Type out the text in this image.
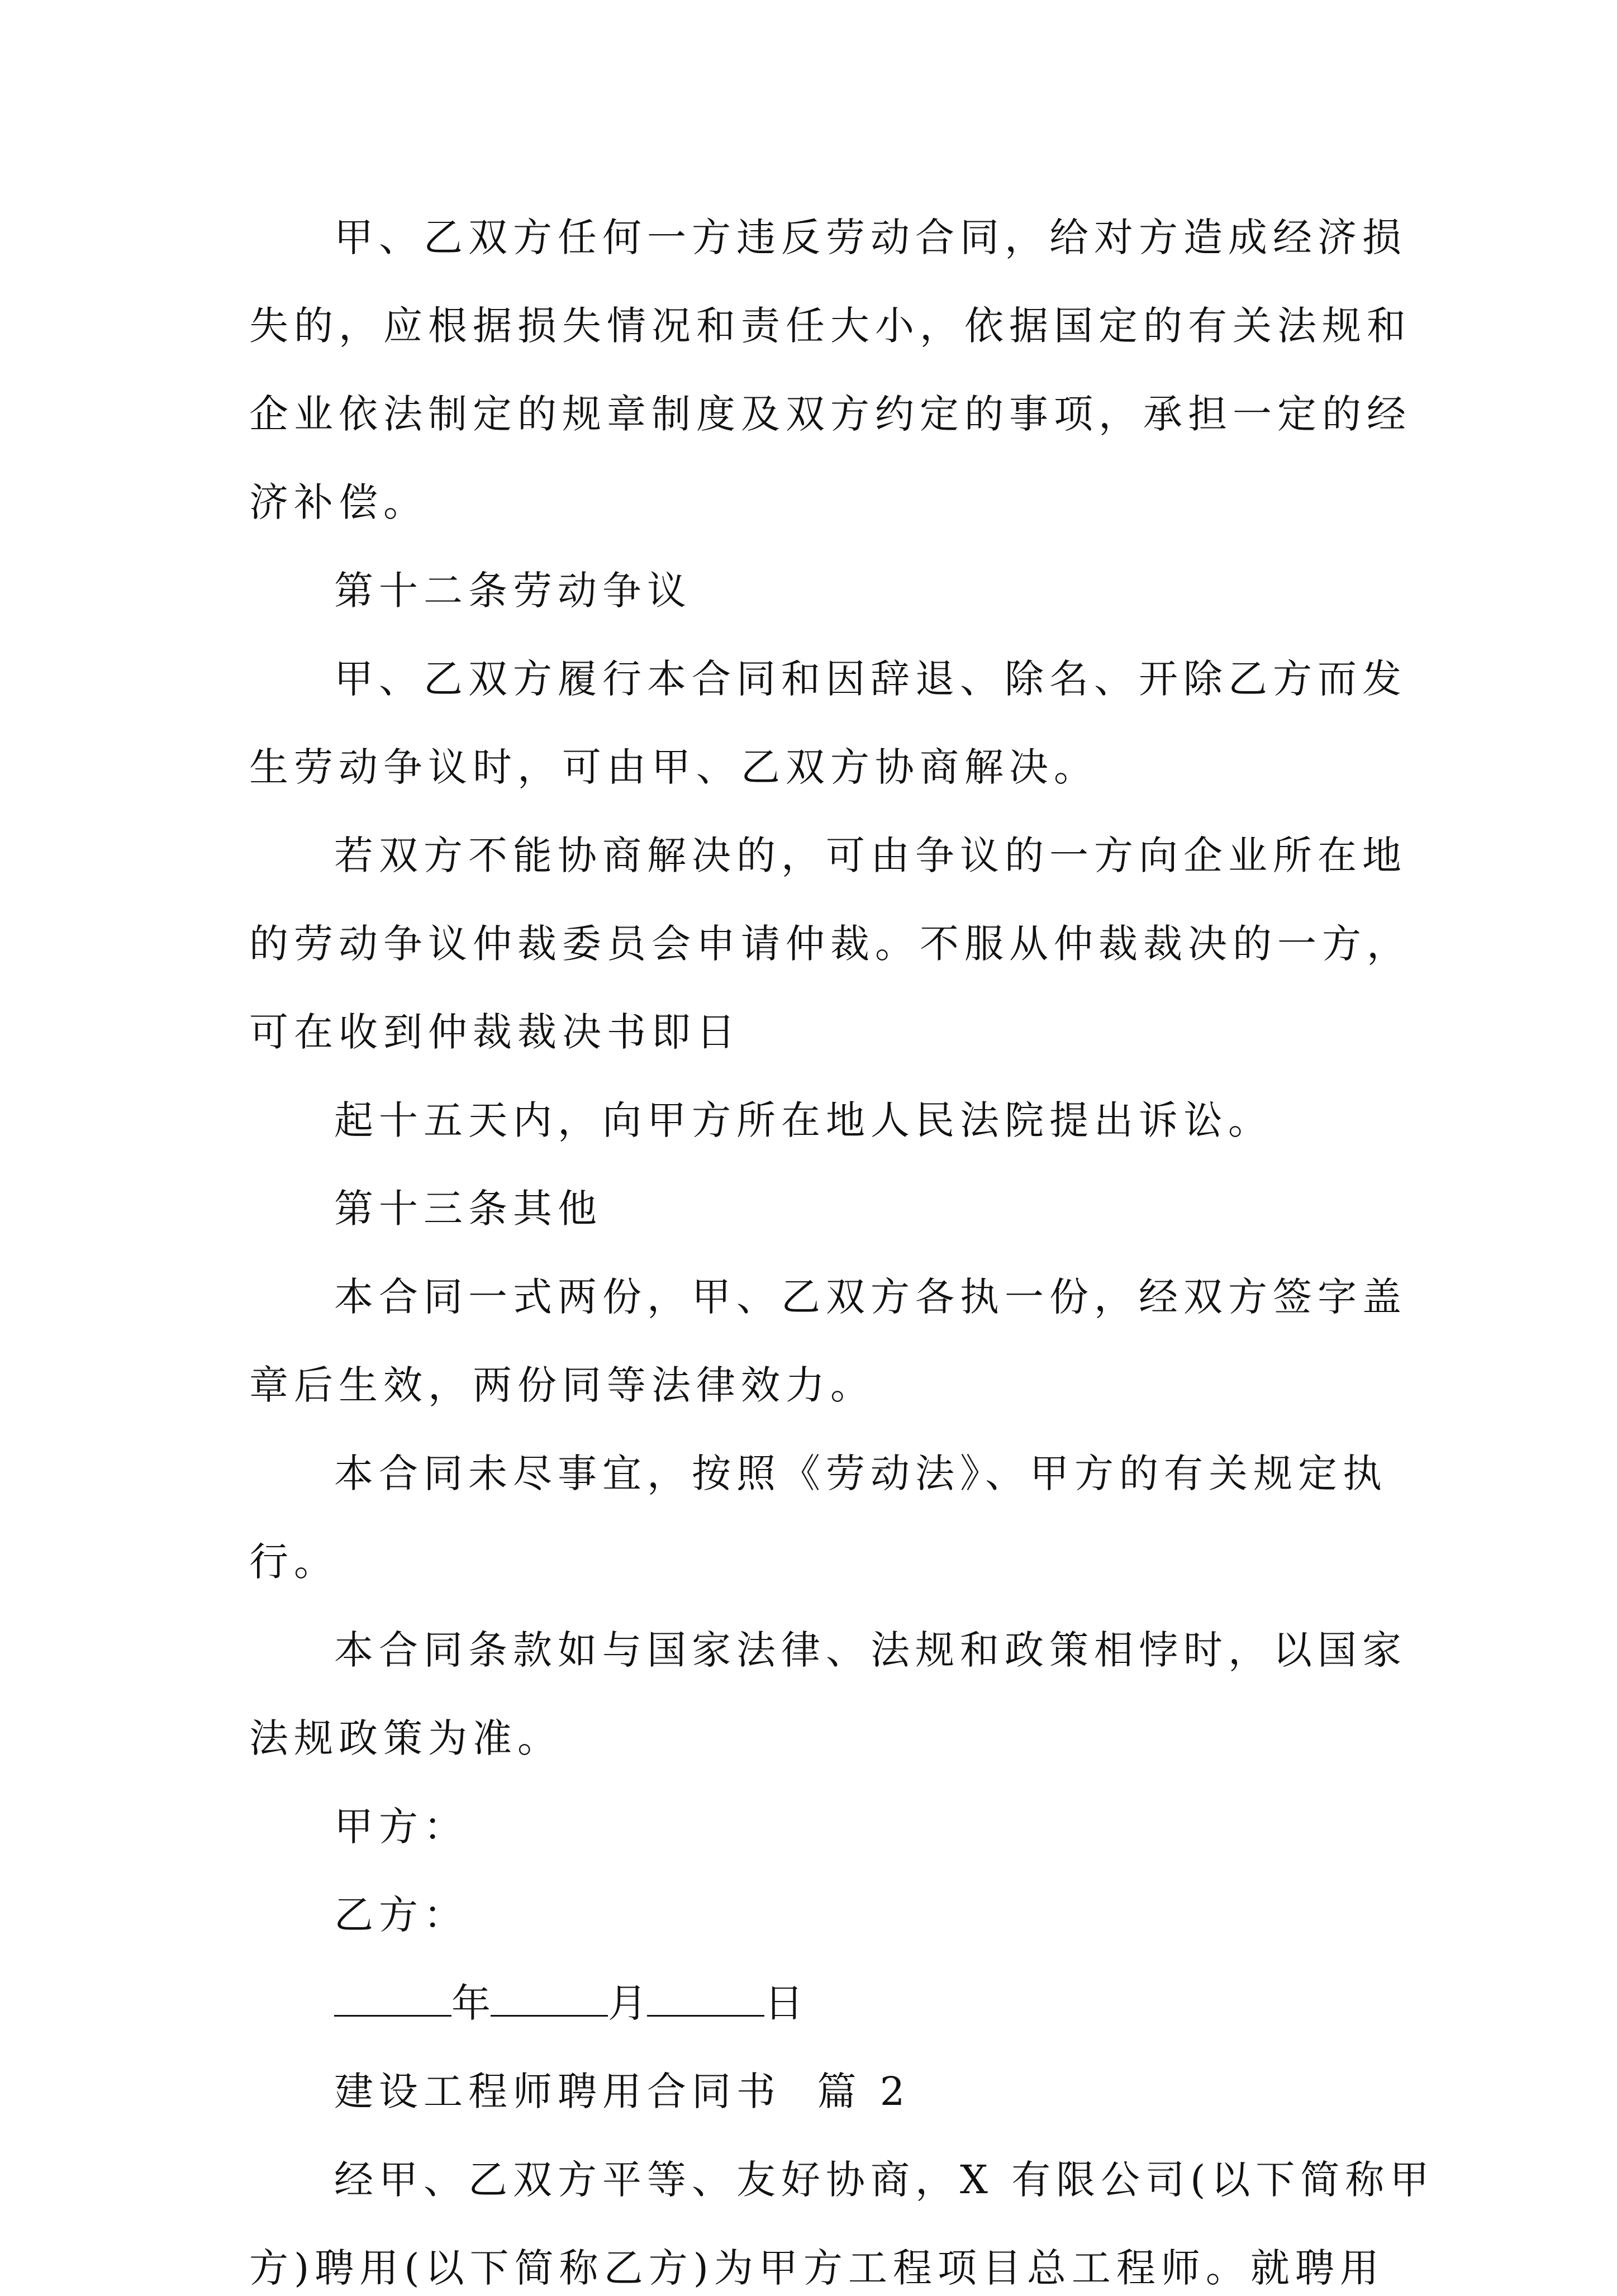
甲、乙双方任何一方违反劳动合同，给对方造成经济损

失的，应根据损失情况和责任大小，依据国定的有关法规和

企业依法制定的规章制度及双方约定的事项，承担一定的经

济补偿。

第十二条劳动争议

甲、乙双方履行本合同和因辞退、除名、开除乙方而发

生劳动争议时，可由甲、乙双方协商解决。

若双方不能协商解决的，可由争议的一方向企业所在地

的劳动争议仲裁委员会申请仲裁。不服从仲裁裁决的一方，

可在收到仲裁裁决书即日

起十五天内，向甲方所在地人民法院提出诉讼。

第十三条其他

本合同一式两份，甲、乙双方各执一份，经双方签字盖

章后生效，两份同等法律效力。

本合同未尽事宜，按照《劳动法》、甲方的有关规定执

行。

本合同条款如与国家法律、法规和政策相悖时，以国家

法规政策为准。

甲方：

乙方：

年	月	日

建设工程师聘用合同书  篇 2

经甲、乙双方平等、友好协商，X 有限公司(以下简称甲

方)聘用(以下简称乙方)为甲方工程项目总工程师。就聘用
